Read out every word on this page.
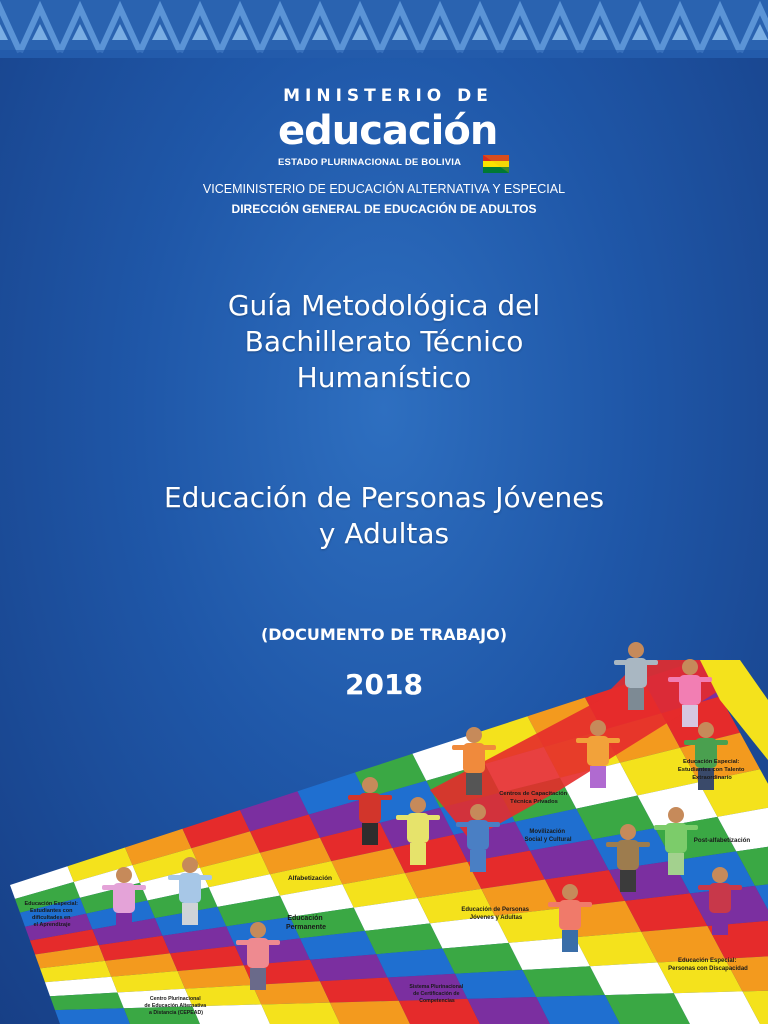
MINISTERIO DE
educación
ESTADO PLURINACIONAL DE BOLIVIA
VICEMINISTERIO DE EDUCACIÓN ALTERNATIVA Y ESPECIAL
DIRECCIÓN GENERAL DE EDUCACIÓN DE ADULTOS
Guía Metodológica del
Bachillerato Técnico
Humanístico
Educación de Personas Jóvenes
y Adultas
(DOCUMENTO DE TRABAJO)
2018
Educación Especial: Estudiantes con dificultades en el Aprendizaje
Alfabetización
Educación Permanente
Centros de Capacitación Técnica Privados
Educación Especial: Estudiantes con Talento Extraordinario
Movilización Social y Cultural	Post-alfabetización
Educación de Personas Jóvenes y Adultas
Educación Especial: Personas con Discapacidad
Centro Plurinacional de Educación Alternativa a Distancia (CEPEAD)
Sistema Plurinacional de Certificación de Competencias
